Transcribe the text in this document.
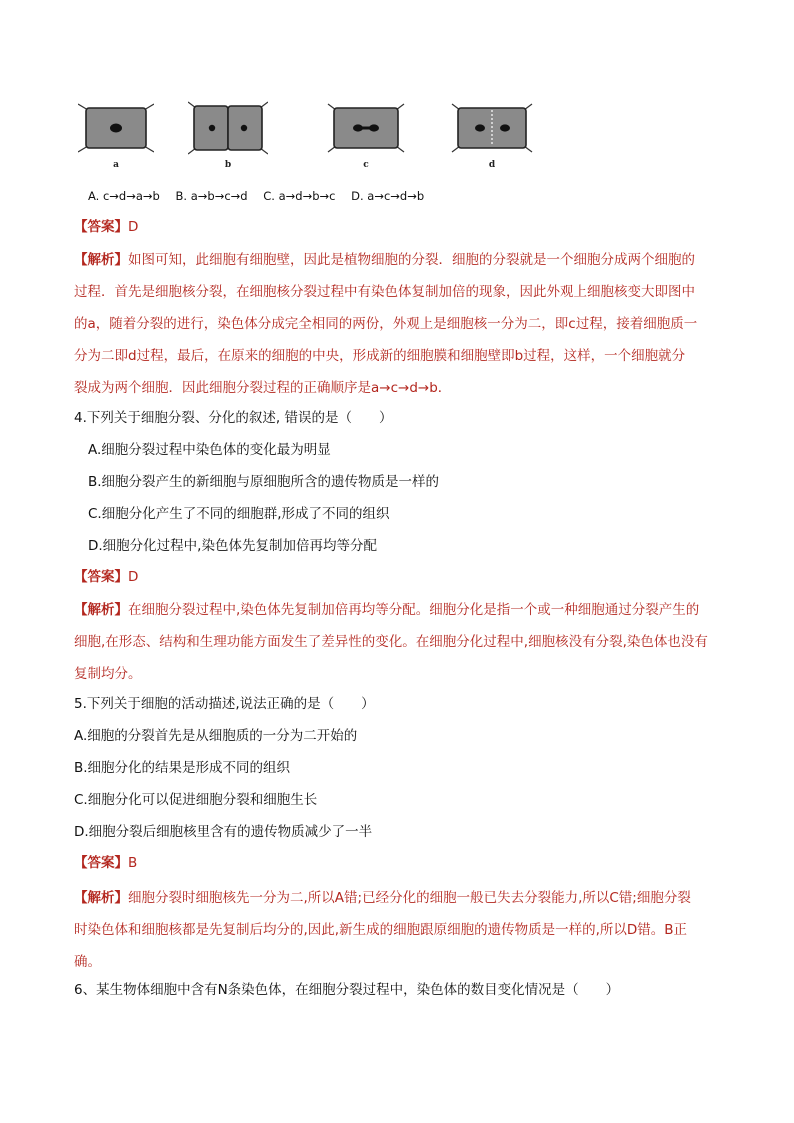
a	b	c	d
A. c→d→a→b B. a→b→c→d C. a→d→b→c D. a→c→d→b
【答案】D
【解析】如图可知，此细胞有细胞壁，因此是植物细胞的分裂．细胞的分裂就是一个细胞分成两个细胞的
过程．首先是细胞核分裂，在细胞核分裂过程中有染色体复制加倍的现象，因此外观上细胞核变大即图中
的a，随着分裂的进行，染色体分成完全相同的两份，外观上是细胞核一分为二，即c过程，接着细胞质一
分为二即d过程，最后，在原来的细胞的中央，形成新的细胞膜和细胞壁即b过程，这样，一个细胞就分
裂成为两个细胞．因此细胞分裂过程的正确顺序是a→c→d→b．
4.下列关于细胞分裂、分化的叙述, 错误的是（　　）
A.细胞分裂过程中染色体的变化最为明显
B.细胞分裂产生的新细胞与原细胞所含的遗传物质是一样的
C.细胞分化产生了不同的细胞群,形成了不同的组织
D.细胞分化过程中,染色体先复制加倍再均等分配
【答案】D
【解析】在细胞分裂过程中,染色体先复制加倍再均等分配。细胞分化是指一个或一种细胞通过分裂产生的
细胞,在形态、结构和生理功能方面发生了差异性的变化。在细胞分化过程中,细胞核没有分裂,染色体也没有
复制均分。
5.下列关于细胞的活动描述,说法正确的是（　　）
A.细胞的分裂首先是从细胞质的一分为二开始的
B.细胞分化的结果是形成不同的组织
C.细胞分化可以促进细胞分裂和细胞生长
D.细胞分裂后细胞核里含有的遗传物质减少了一半
【答案】B
【解析】细胞分裂时细胞核先一分为二,所以A错;已经分化的细胞一般已失去分裂能力,所以C错;细胞分裂
时染色体和细胞核都是先复制后均分的,因此,新生成的细胞跟原细胞的遗传物质是一样的,所以D错。B正
确。
6、某生物体细胞中含有N条染色体，在细胞分裂过程中，染色体的数目变化情况是（　　）
